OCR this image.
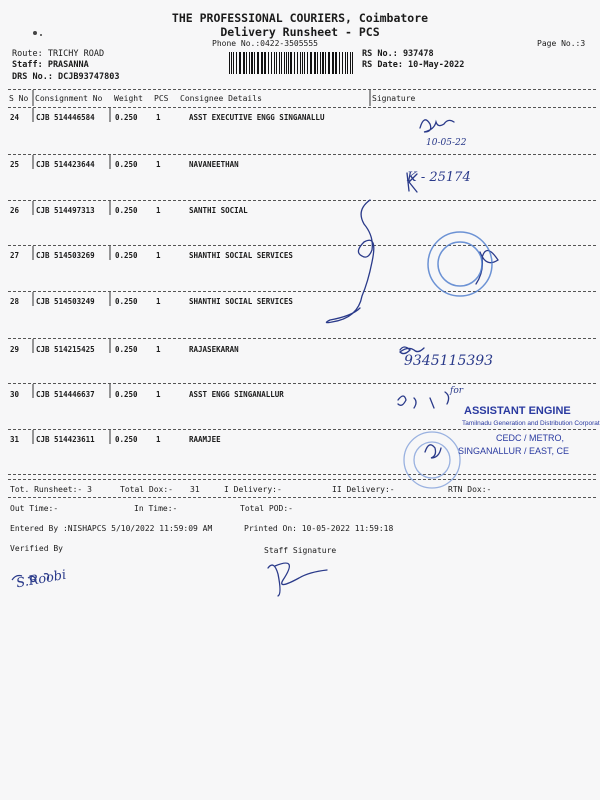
THE PROFESSIONAL COURIERS, Coimbatore
Delivery Runsheet - PCS
Phone No.:0422-3505555	Page No.:3
Route: TRICHY ROAD
Staff: PRASANNA
DRS No.: DCJB93747803
RS No.: 937478
RS Date: 10-May-2022
S No Consignment No Weight PCS Consignee Details	Signature
24 CJB 514446584	0.250 1	ASST EXECUTIVE ENGG SINGANALLU
25 CJB 514423644	0.250 1	NAVANEETHAN
26 CJB 514497313	0.250 1	SANTHI SOCIAL
27 CJB 514503269	0.250 1	SHANTHI SOCIAL SERVICES
28 CJB 514503249	0.250 1	SHANTHI SOCIAL SERVICES
29 CJB 514215425	0.250 1	RAJASEKARAN
30 CJB 514446637	0.250 1	ASST ENGG SINGANALLUR
31 CJB 514423611	0.250 1	RAAMJEE
10-05-22
K - 25174
9345115393
for
ASSISTANT ENGINE
Tamilnadu Generation and Distribution Corporat
CEDC / METRO,
SINGANALLUR / EAST, CE
Tot. Runsheet:- 3	Total Dox:- 31	I Delivery:-	II Delivery:-	RTN Dox:-
Out Time:-	In Time:-	Total POD:-
Entered By :NISHAPCS 5/10/2022 11:59:09 AM	Printed On: 10-05-2022 11:59:18
Verified By	Staff Signature
S.Roobi
